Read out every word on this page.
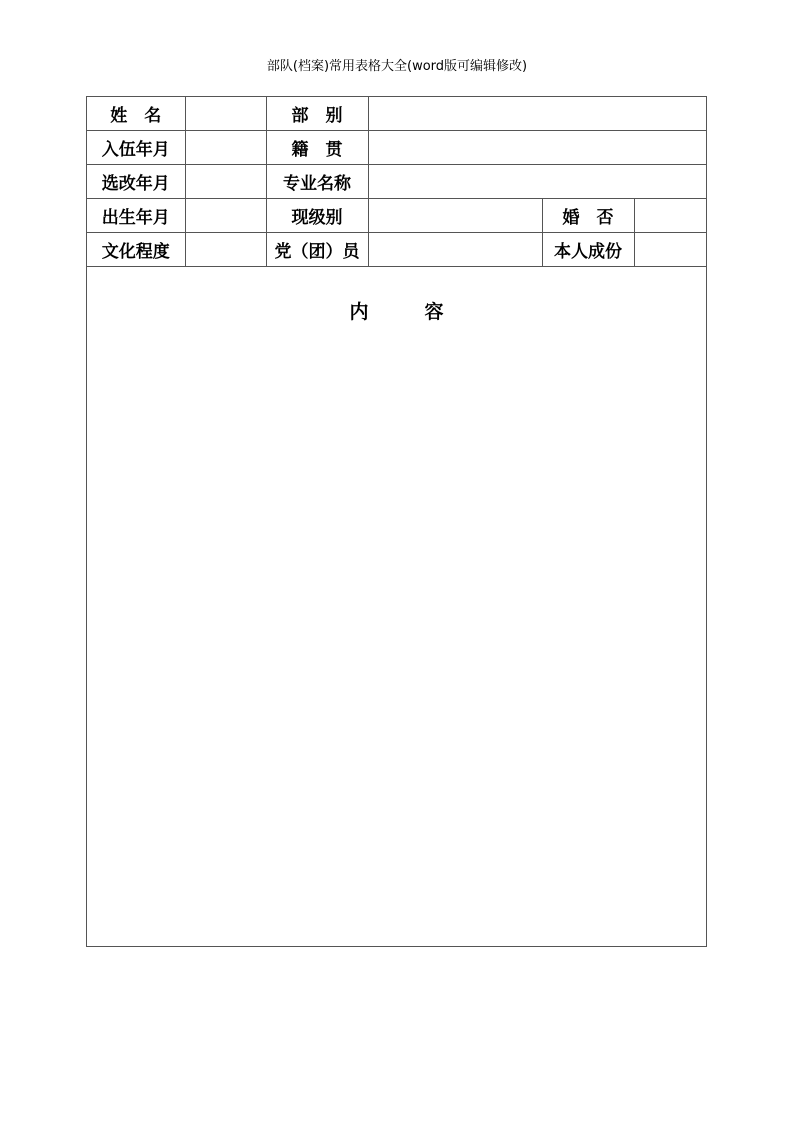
部队(档案)常用表格大全(word版可编辑修改)
姓　名		部　别			
入伍年月		籍　贯			
选改年月		专业名称			
出生年月		现级别		婚　否	
文化程度		党（团）员		本人成份	
内	容
